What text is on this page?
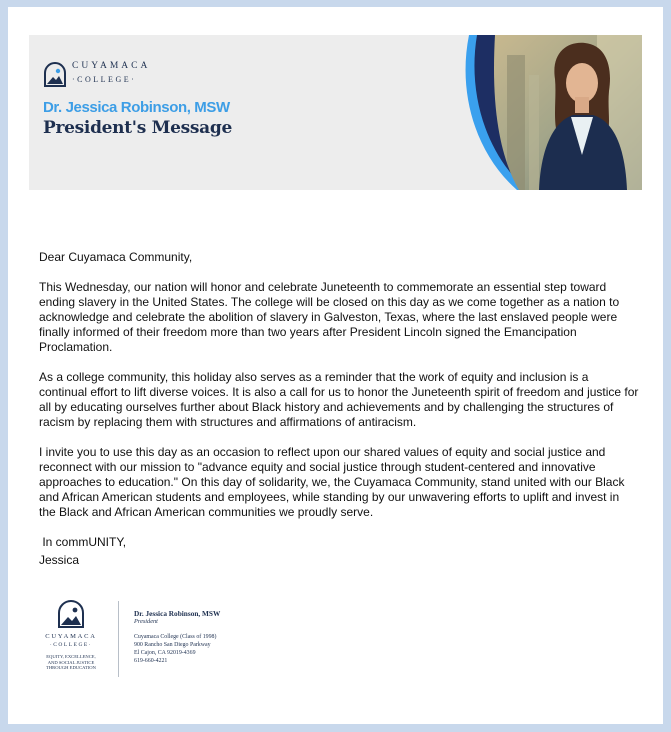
CUYAMACA
·COLLEGE·
Dr. Jessica Robinson, MSW
President's Message

Dear Cuyamaca Community,

This Wednesday, our nation will honor and celebrate Juneteenth to commemorate an essential step toward ending slavery in the United States. The college will be closed on this day as we come together as a nation to acknowledge and celebrate the abolition of slavery in Galveston, Texas, where the last enslaved people were finally informed of their freedom more than two years after President Lincoln signed the Emancipation Proclamation.

As a college community, this holiday also serves as a reminder that the work of equity and inclusion is a continual effort to lift diverse voices. It is also a call for us to honor the Juneteenth spirit of freedom and justice for all by educating ourselves further about Black history and achievements and by challenging the structures of racism by replacing them with structures and affirmations of antiracism.

I invite you to use this day as an occasion to reflect upon our shared values of equity and social justice and reconnect with our mission to "advance equity and social justice through student-centered and innovative approaches to education." On this day of solidarity, we, the Cuyamaca Community, stand united with our Black and African American students and employees, while standing by our unwavering efforts to uplift and invest in the Black and African American communities we proudly serve.

In commUNITY,

Jessica

CUYAMACA
·COLLEGE·
EQUITY, EXCELLENCE,
AND SOCIAL JUSTICE
THROUGH EDUCATION
Dr. Jessica Robinson, MSW
President
Cuyamaca College (Class of 1998)
900 Rancho San Diego Parkway
El Cajon, CA 92019-4369
619-660-4221
